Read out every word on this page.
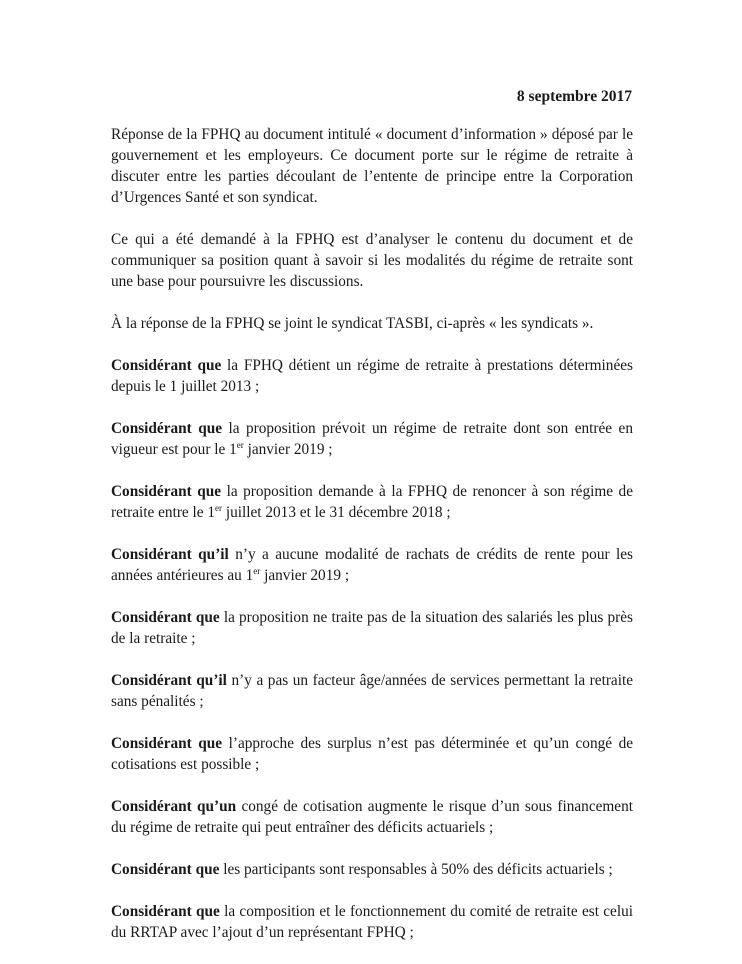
8 septembre 2017

Réponse de la FPHQ au document intitulé « document d’information » déposé par le gouvernement et les employeurs. Ce document porte sur le régime de retraite à discuter entre les parties découlant de l’entente de principe entre la Corporation d’Urgences Santé et son syndicat.

Ce qui a été demandé à la FPHQ est d’analyser le contenu du document et de communiquer sa position quant à savoir si les modalités du régime de retraite sont une base pour poursuivre les discussions.

À la réponse de la FPHQ se joint le syndicat TASBI, ci-après « les syndicats ».

Considérant que la FPHQ détient un régime de retraite à prestations déterminées depuis le 1 juillet 2013 ;

Considérant que la proposition prévoit un régime de retraite dont son entrée en vigueur est pour le 1er janvier 2019 ;

Considérant que la proposition demande à la FPHQ de renoncer à son régime de retraite entre le 1er juillet 2013 et le 31 décembre 2018 ;

Considérant qu’il n’y a aucune modalité de rachats de crédits de rente pour les années antérieures au 1er janvier 2019 ;

Considérant que la proposition ne traite pas de la situation des salariés les plus près de la retraite ;

Considérant qu’il n’y a pas un facteur âge/années de services permettant la retraite sans pénalités ;

Considérant que l’approche des surplus n’est pas déterminée et qu’un congé de cotisations est possible ;

Considérant qu’un congé de cotisation augmente le risque d’un sous financement du régime de retraite qui peut entraîner des déficits actuariels ;

Considérant que les participants sont responsables à 50% des déficits actuariels ;

Considérant que la composition et le fonctionnement du comité de retraite est celui du RRTAP avec l’ajout d’un représentant FPHQ ;
